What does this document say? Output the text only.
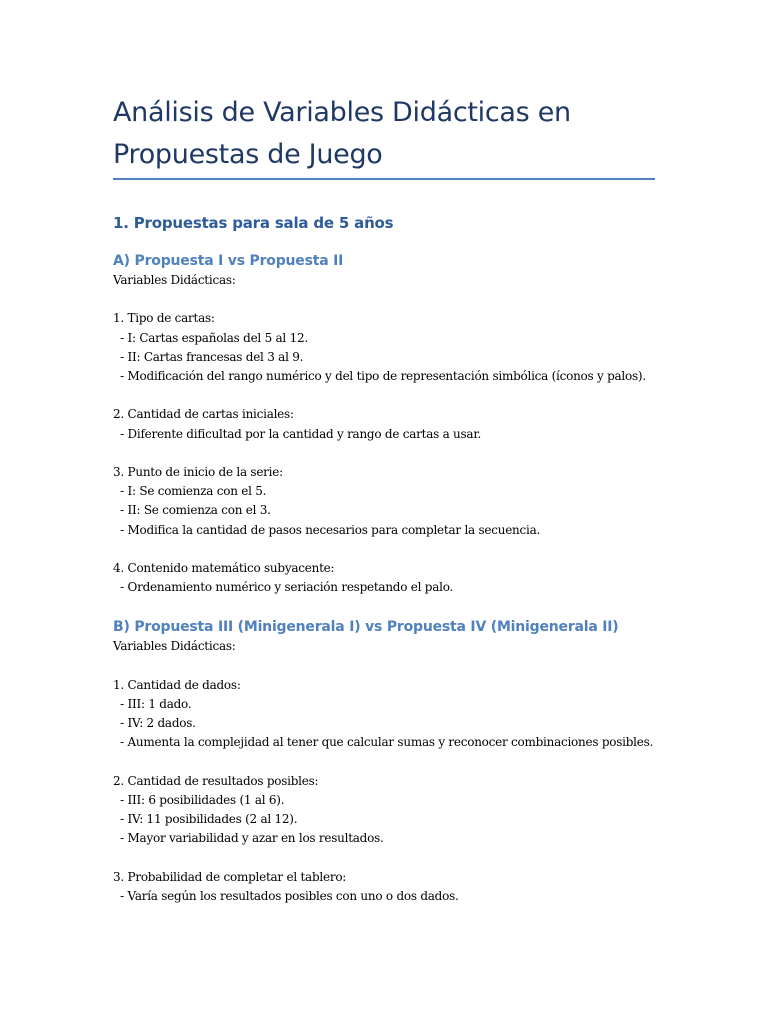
Análisis de Variables Didácticas en Propuestas de Juego
1. Propuestas para sala de 5 años
A) Propuesta I vs Propuesta II
Variables Didácticas:
1. Tipo de cartas:
- I: Cartas españolas del 5 al 12.
- II: Cartas francesas del 3 al 9.
- Modificación del rango numérico y del tipo de representación simbólica (íconos y palos).
2. Cantidad de cartas iniciales:
- Diferente dificultad por la cantidad y rango de cartas a usar.
3. Punto de inicio de la serie:
- I: Se comienza con el 5.
- II: Se comienza con el 3.
- Modifica la cantidad de pasos necesarios para completar la secuencia.
4. Contenido matemático subyacente:
- Ordenamiento numérico y seriación respetando el palo.
B) Propuesta III (Minigenerala I) vs Propuesta IV (Minigenerala II)
Variables Didácticas:
1. Cantidad de dados:
- III: 1 dado.
- IV: 2 dados.
- Aumenta la complejidad al tener que calcular sumas y reconocer combinaciones posibles.
2. Cantidad de resultados posibles:
- III: 6 posibilidades (1 al 6).
- IV: 11 posibilidades (2 al 12).
- Mayor variabilidad y azar en los resultados.
3. Probabilidad de completar el tablero:
- Varía según los resultados posibles con uno o dos dados.
